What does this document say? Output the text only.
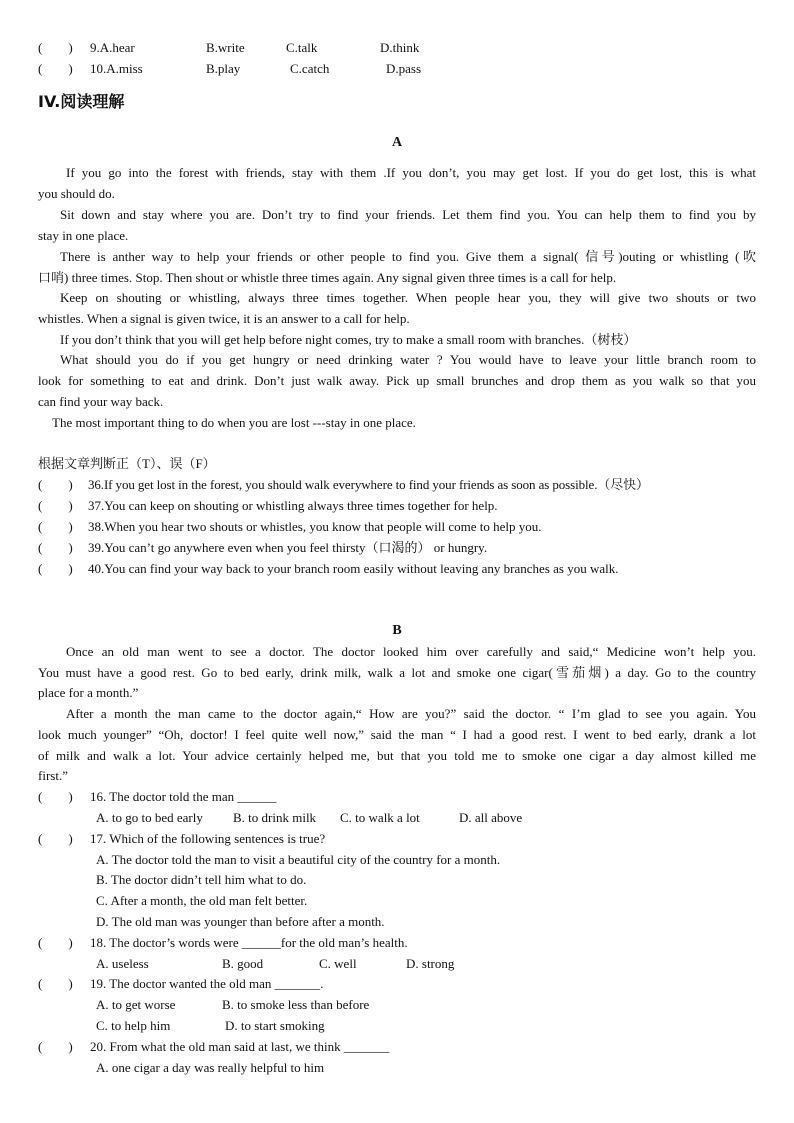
(　　) 9.A.hear	B.write	C.talk	D.think
(　　) 10.A.miss	B.play	C.catch	D.pass
IV.阅读理解
A
If you go into the forest with friends, stay with them .If you don’t, you may get lost. If you do get lost, this is what
you should do.
Sit down and stay where you are. Don’t try to find your friends. Let them find you. You can help them to find you by
stay in one place.
There is anther way to help your friends or other people to find you. Give them a signal( 信号)outing or whistling (吹
口哨) three times. Stop. Then shout or whistle three times again. Any signal given three times is a call for help.
Keep on shouting or whistling, always three times together. When people hear you, they will give two shouts or two
whistles. When a signal is given twice, it is an answer to a call for help.
If you don’t think that you will get help before night comes, try to make a small room with branches.（树枝）
What should you do if you get hungry or need drinking water ? You would have to leave your little branch room to
look for something to eat and drink. Don’t just walk away. Pick up small brunches and drop them as you walk so that you
can find your way back.
The most important thing to do when you are lost ---stay in one place.
根据文章判断正（T）、误（F）
(　　) 36.If you get lost in the forest, you should walk everywhere to find your friends as soon as possible.（尽快）
(　　) 37.You can keep on shouting or whistling always three times together for help.
(　　) 38.When you hear two shouts or whistles, you know that people will come to help you.
(　　) 39.You can’t go anywhere even when you feel thirsty（口渴的） or hungry.
(　　) 40.You can find your way back to your branch room easily without leaving any branches as you walk.
B
Once an old man went to see a doctor. The doctor looked him over carefully and said,“ Medicine won’t help you.
You must have a good rest. Go to bed early, drink milk, walk a lot and smoke one cigar(雪茄烟) a day. Go to the country
place for a month.”
After a month the man came to the doctor again,“ How are you?” said the doctor. “ I’m glad to see you again. You
look much younger” “Oh, doctor! I feel quite well now,” said the man “ I had a good rest. I went to bed early, drank a lot
of milk and walk a lot. Your advice certainly helped me, but that you told me to smoke one cigar a day almost killed me
first.”
(　　) 16. The doctor told the man ______
A. to go to bed early B. to drink milk C. to walk a lot	D. all above
(　　) 17. Which of the following sentences is true?
A. The doctor told the man to visit a beautiful city of the country for a month.
B. The doctor didn’t tell him what to do.
C. After a month, the old man felt better.
D. The old man was younger than before after a month.
(　　) 18. The doctor’s words were ______for the old man’s health.
A. useless	B. good	C. well	D. strong
(　　) 19. The doctor wanted the old man _______.
A. to get worse	B. to smoke less than before
C. to help him	D. to start smoking
(　　) 20. From what the old man said at last, we think _______
A. one cigar a day was really helpful to him
